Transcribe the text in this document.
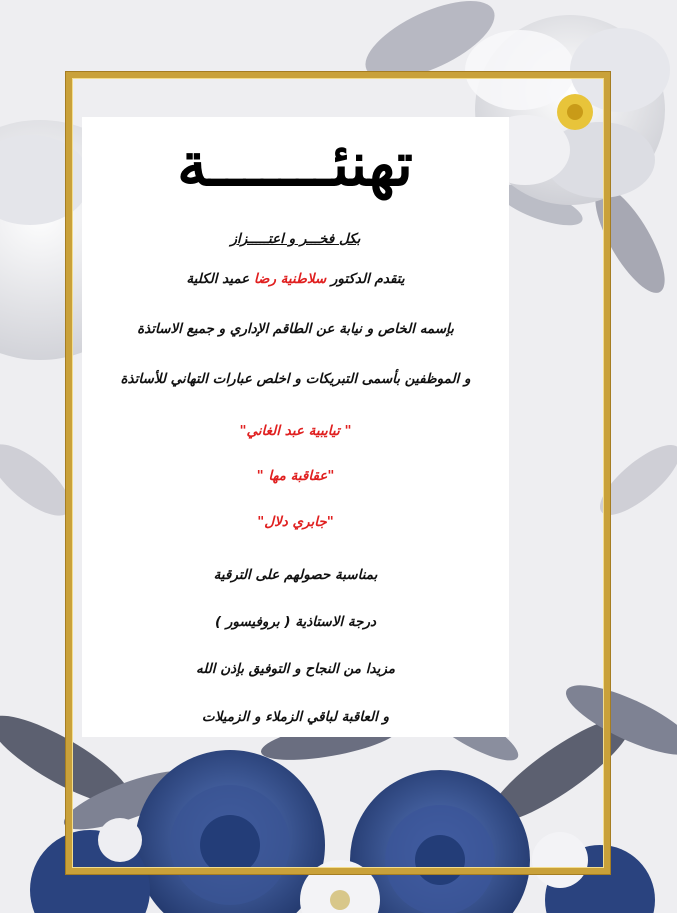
تهنئـــــــة
بكل فخـــر و اعتـــــزاز
يتقدم الدكتور سلاطنية رضا عميد الكلية
بإسمه الخاص و نيابة عن الطاقم الإداري و جميع الاساتذة
و الموظفين بأسمى التبريكات و اخلص عبارات التهاني للأساتذة
" تيايبية عبد الغاني"
"عقاقبة مها "
"جابري دلال"
بمناسبة حصولهم على الترقية
درجة الاستاذية ( بروفيسور )
مزيدا من النجاح و التوفيق بإذن الله
و العاقبة لباقي الزملاء و الزميلات
